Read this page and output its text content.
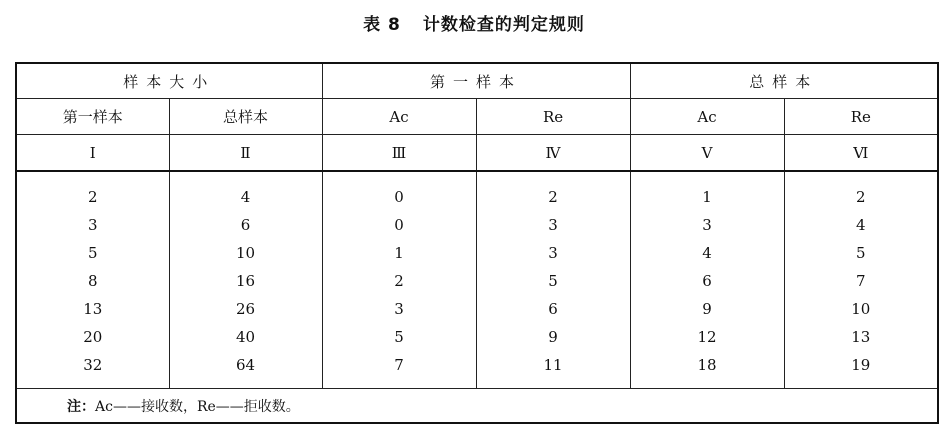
表 8 计数检查的判定规则
样本大小		第一样本		总样本	
第一样本	总样本	Ac	Re	Ac	Re
Ⅰ	Ⅱ	Ⅲ	Ⅳ	Ⅴ	Ⅵ
2	4	0	2	1	2
3	6	0	3	3	4
5	10	1	3	4	5
8	16	2	5	6	7
13	26	3	6	9	10
20	40	5	9	12	13
32	64	7	11	18	19
注：Ac——接收数，Re——拒收数。					
